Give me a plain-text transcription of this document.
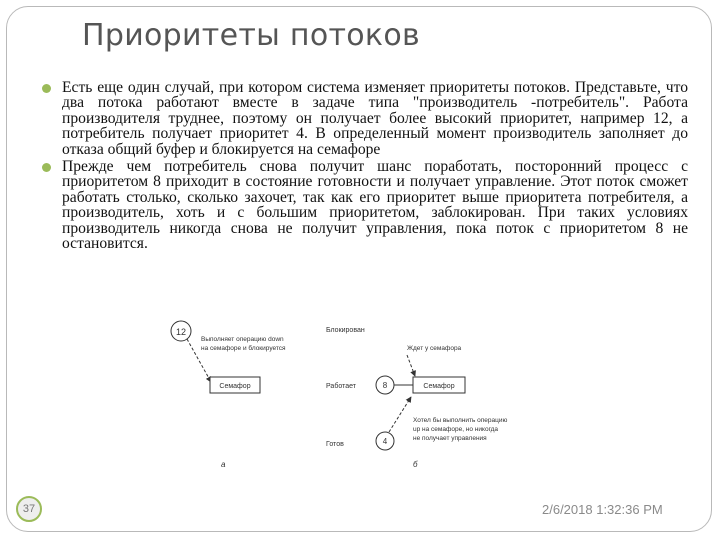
Приоритеты потоков
Есть еще один случай, при котором система изменяет приоритеты потоков. Представьте, что два потока работают вместе в задаче типа "производитель -потребитель". Работа производителя труднее, поэтому он получает более высокий приоритет, например 12, а потребитель получает приоритет 4. В определенный момент производитель заполняет до отказа общий буфер и блокируется на семафоре
Прежде чем потребитель снова получит шанс поработать, посторонний процесс с приоритетом 8 приходит в состояние готовности и получает управление. Этот поток сможет работать столько, сколько захочет, так как его приоритет выше приоритета потребителя, а производитель, хоть и с большим приоритетом, заблокирован. При таких условиях производитель никогда снова не получит управления, пока поток с приоритетом 8 не остановится.
12
Выполняет операцию down
на семафоре и блокируется
Семафор
а
Блокирован
Работает
Готов
8
Ждет у семафора
Семафор
4
Хотел бы выполнить операцию
up на семафоре, но никогда
не получает управления
б
37	2/6/2018 1:32:36 PM
